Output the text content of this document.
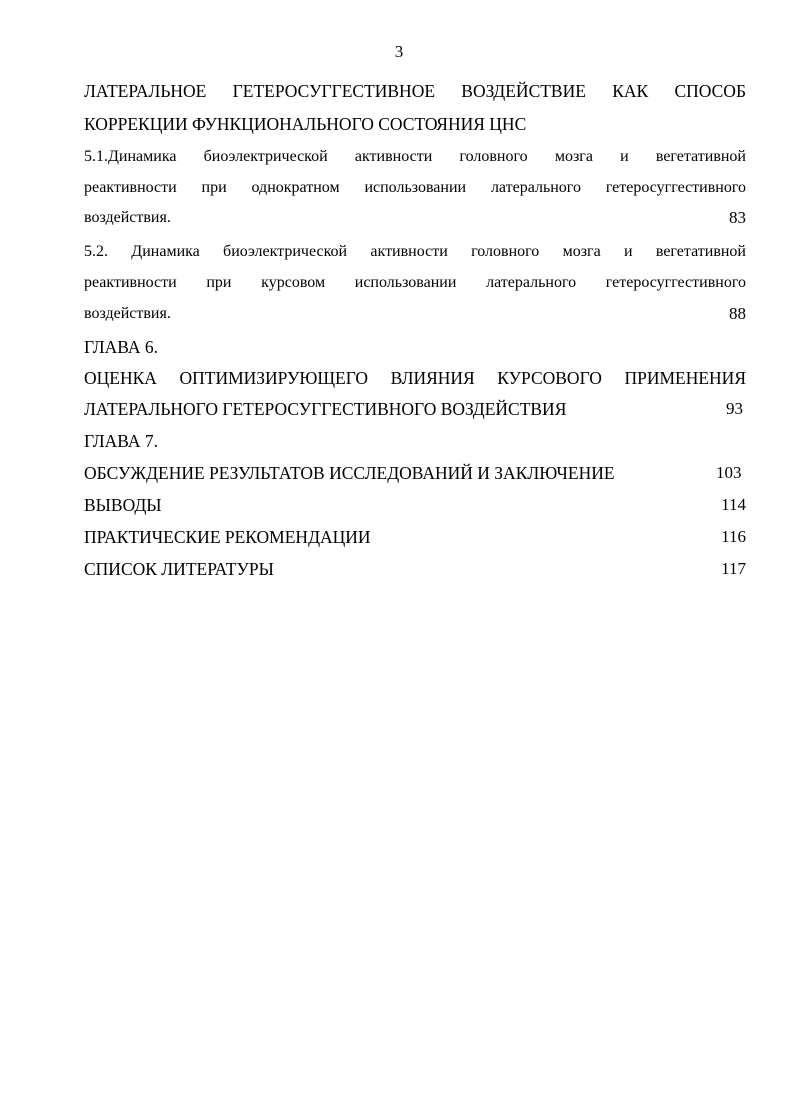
3
ЛАТЕРАЛЬНОЕ ГЕТЕРОСУГГЕСТИВНОЕ ВОЗДЕЙСТВИЕ КАК СПОСОБ
КОРРЕКЦИИ ФУНКЦИОНАЛЬНОГО СОСТОЯНИЯ ЦНС
5.1.Динамика биоэлектрической активности головного мозга и вегетативной
реактивности при однократном использовании латерального гетеросуггестивного
воздействия.	83
5.2. Динамика биоэлектрической активности головного мозга и вегетативной
реактивности при курсовом использовании латерального гетеросуггестивного
воздействия.	88
ГЛАВА 6.
ОЦЕНКА ОПТИМИЗИРУЮЩЕГО ВЛИЯНИЯ КУРСОВОГО ПРИМЕНЕНИЯ
ЛАТЕРАЛЬНОГО ГЕТЕРОСУГГЕСТИВНОГО ВОЗДЕЙСТВИЯ	93
ГЛАВА 7.
ОБСУЖДЕНИЕ РЕЗУЛЬТАТОВ ИССЛЕДОВАНИЙ И ЗАКЛЮЧЕНИЕ	103
ВЫВОДЫ	114
ПРАКТИЧЕСКИЕ РЕКОМЕНДАЦИИ	116
СПИСОК ЛИТЕРАТУРЫ	117
